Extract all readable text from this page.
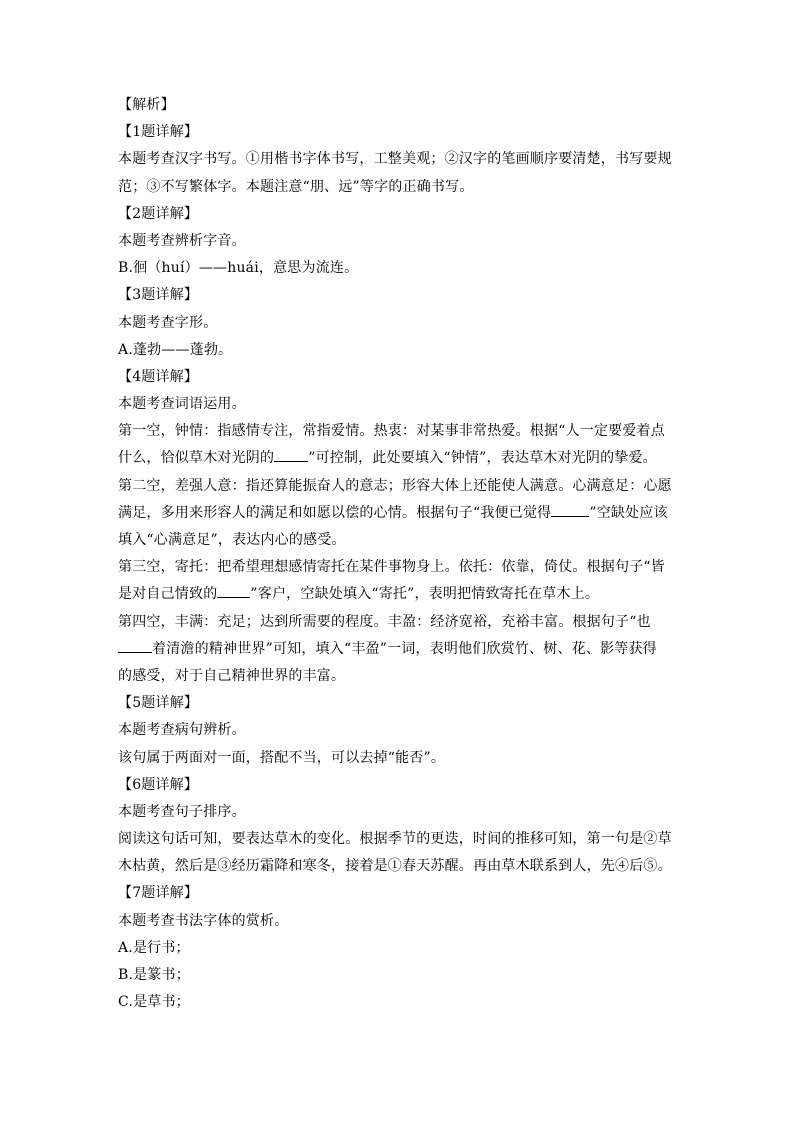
【解析】
【1题详解】
本题考查汉字书写。①用楷书字体书写，工整美观；②汉字的笔画顺序要清楚，书写要规
范；③不写繁体字。本题注意“朋、远”等字的正确书写。
【2题详解】
本题考查辨析字音。
B.徊（huí）——huái，意思为流连。
【3题详解】
本题考查字形。
A.蓬勃——蓬勃。
【4题详解】
本题考查词语运用。
第一空，钟情：指感情专注，常指爱情。热衷：对某事非常热爱。根据“人一定要爱着点
什么，恰似草木对光阴的 ”可控制，此处要填入“钟情”，表达草木对光阴的挚爱。
第二空，差强人意：指还算能振奋人的意志；形容大体上还能使人满意。心满意足：心愿
满足，多用来形容人的满足和如愿以偿的心情。根据句子“我便已觉得	”空缺处应该
填入“心满意足”，表达内心的感受。
第三空，寄托：把希望理想感情寄托在某件事物身上。依托：依靠，倚仗。根据句子“皆
是对自己情致的 ”客户，空缺处填入“寄托”，表明把情致寄托在草木上。
第四空，丰满：充足；达到所需要的程度。丰盈：经济宽裕，充裕丰富。根据句子“也
着清澹的精神世界”可知，填入“丰盈”一词，表明他们欣赏竹、树、花、影等获得
的感受，对于自己精神世界的丰富。
【5题详解】
本题考查病句辨析。
该句属于两面对一面，搭配不当，可以去掉“能否”。
【6题详解】
本题考查句子排序。
阅读这句话可知，要表达草木的变化。根据季节的更迭，时间的推移可知，第一句是②草
木枯黄，然后是③经历霜降和寒冬，接着是①春天苏醒。再由草木联系到人，先④后⑤。
【7题详解】
本题考查书法字体的赏析。
A.是行书；
B.是篆书；
C.是草书；
